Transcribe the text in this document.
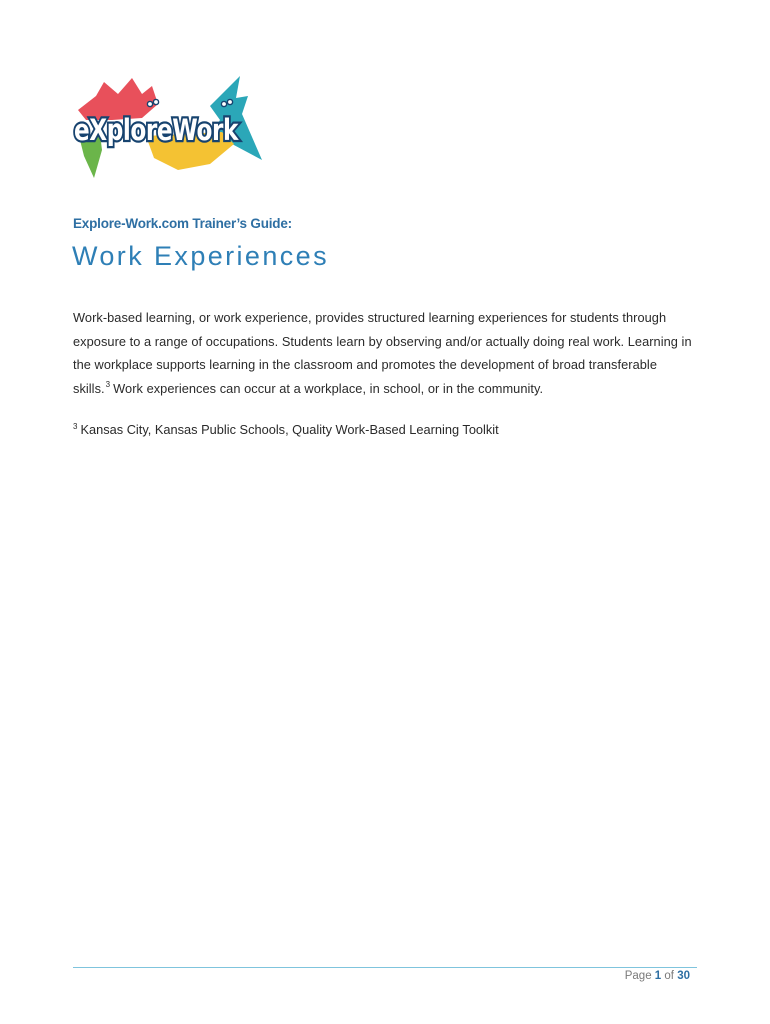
eXploreWork
Explore-Work.com Trainer’s Guide:
Work Experiences

Work-based learning, or work experience, provides structured learning experiences for students through exposure to a range of occupations. Students learn by observing and/or actually doing real work. Learning in the workplace supports learning in the classroom and promotes the development of broad transferable skills.$^3$ Work experiences can occur at a workplace, in school, or in the community.

$^3$ Kansas City, Kansas Public Schools, Quality Work-Based Learning Toolkit
Page 1 of 30
